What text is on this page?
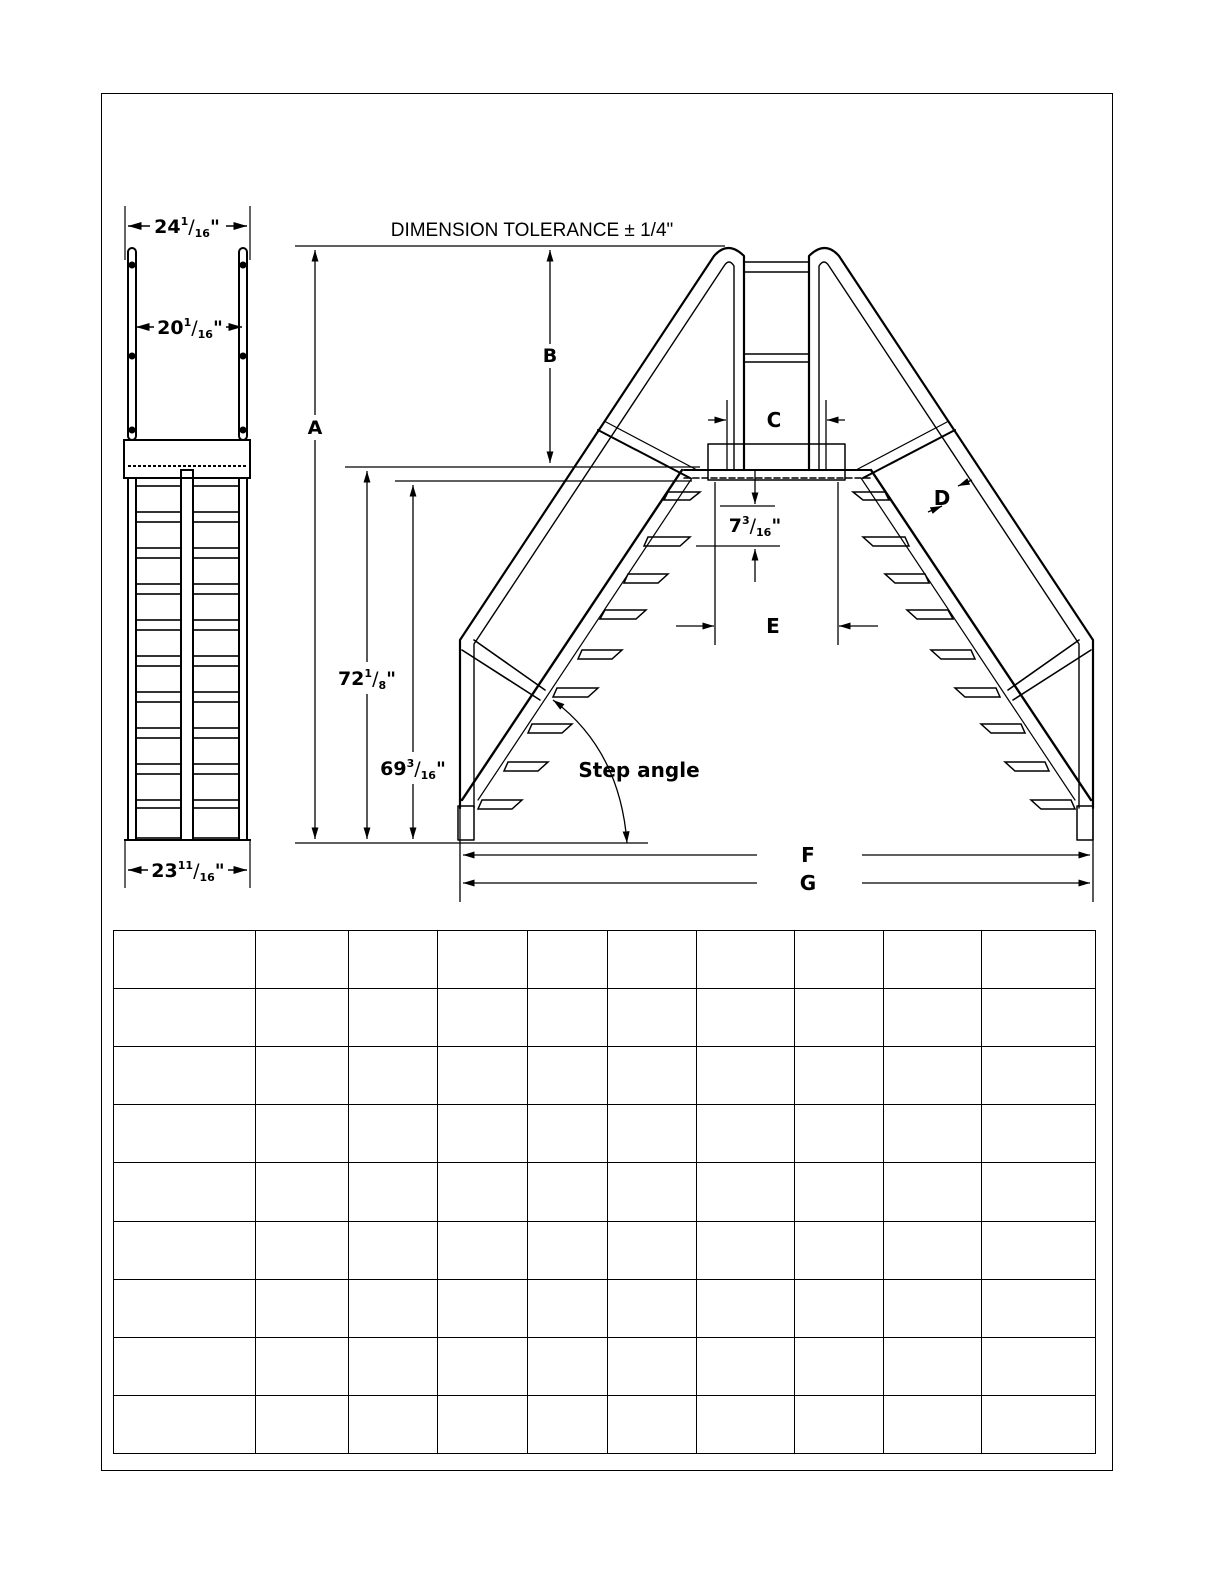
$24^1/_{16}$"
$20^1/_{16}$"
$23^{11}/_{16}$"
DIMENSION TOLERANCE ± 1/4"
A
B
C
D
E
F
G
$72^1/_8$"
$69^3/_{16}$"
$7^3/_{16}$"
Step angle
